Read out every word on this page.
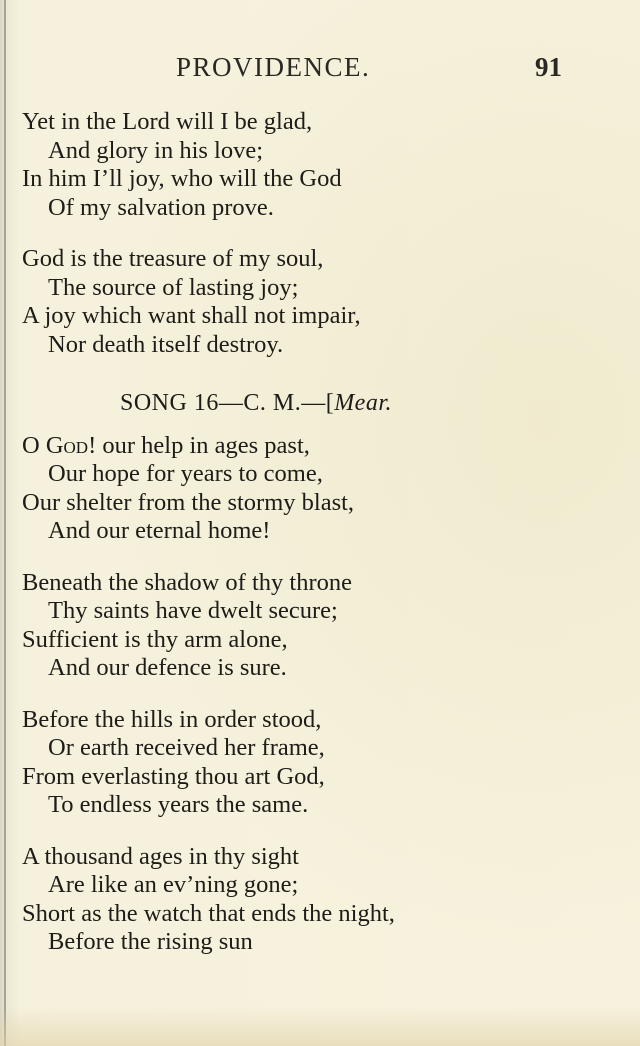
PROVIDENCE.	91
Yet in the Lord will I be glad,
And glory in his love;
In him I’ll joy, who will the God
Of my salvation prove.
God is the treasure of my soul,
The source of lasting joy;
A joy which want shall not impair,
Nor death itself destroy.
SONG 16—C. M.—[Mear.
O God! our help in ages past,
Our hope for years to come,
Our shelter from the stormy blast,
And our eternal home!
Beneath the shadow of thy throne
Thy saints have dwelt secure;
Sufficient is thy arm alone,
And our defence is sure.
Before the hills in order stood,
Or earth received her frame,
From everlasting thou art God,
To endless years the same.
A thousand ages in thy sight
Are like an ev’ning gone;
Short as the watch that ends the night,
Before the rising sun
